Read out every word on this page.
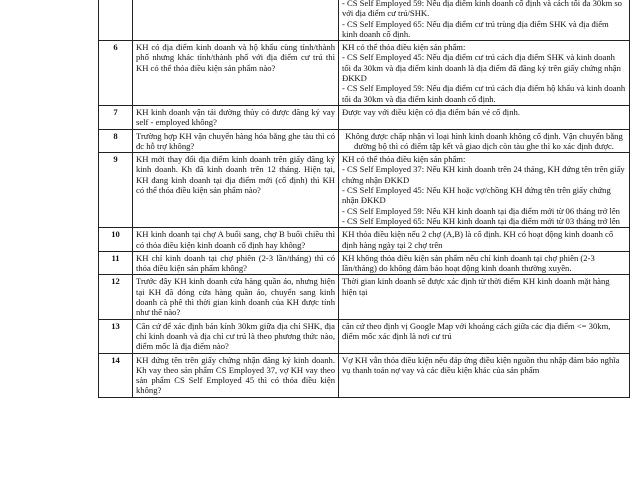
		- CS Self Employed 59: Nếu địa điểm kinh doanh cố định và cách tối đa 30km so với địa điểm cư trú/SHK.
- CS Self Employed 65: Nếu địa điểm cư trú trùng địa điểm SHK và địa điểm kinh doanh cố định.

6	KH có địa điểm kinh doanh và hộ khẩu cùng tỉnh/thành phố nhưng khác tỉnh/thành phố với địa điểm cư trú thì KH có thể thỏa điều kiện sản phẩm nào?	KH có thể thỏa điều kiện sản phẩm:
- CS Self Employed 45: Nếu địa điểm cư trú cách địa điểm SHK và kinh doanh tối đa 30km và địa điểm kinh doanh là địa điểm đã đăng ký trên giấy chứng nhận ĐKKD
- CS Self Employed 59: Nếu địa điểm cư trú cách địa điểm hộ khẩu và kinh doanh tối đa 30km và địa điểm kinh doanh cố định.

7	KH kinh doanh vận tải đường thủy có được đăng ký vay self - employed không?	Được vay với điều kiện có địa điểm bán vé cố định.

8	Trường hợp KH vận chuyển hàng hóa bằng ghe tàu thì có đc hỗ trợ không?	Không được chấp nhận vì loại hình kinh doanh không cố định. Vận chuyển bằng đường bộ thì có điểm tập kết và giao dịch còn tàu ghe thì ko xác định được.

9	KH mới thay đổi địa điểm kinh doanh trên giấy đăng ký kinh doanh. Kh đã kinh doanh trên 12 tháng. Hiện tại, KH đang kinh doanh tại địa điểm mới (cố định) thì KH có thể thỏa điều kiện sản phẩm nào?	KH có thể thỏa điều kiện sản phẩm:
- CS Self Employed 37: Nếu KH kinh doanh trên 24 tháng, KH đứng tên trên giấy chứng nhận ĐKKD
- CS Self Employed 45: Nếu KH hoặc vợ/chồng KH đứng tên trên giấy chứng nhận ĐKKD
- CS Self Employed 59: Nếu KH kinh doanh tại địa điểm mới từ 06 tháng trở lên
- CS Self Employed 65: Nếu KH kinh doanh tại địa điểm mới từ 03 tháng trở lên

10	KH kinh doanh tại chợ A buổi sang, chợ B buổi chiều thì có thỏa điều kiện kinh doanh cố định hay không?	KH thỏa điều kiện nếu 2 chợ (A,B) là cố định. KH có hoạt động kinh doanh cố định hàng ngày tại 2 chợ trên

11	KH chỉ kinh doanh tại chợ phiên (2-3 lần/tháng) thì có thỏa điều kiện sản phẩm không?	KH không thỏa điều kiện sản phẩm nếu chỉ kinh doanh tại chợ phiên (2-3 lần/tháng) do không đảm bảo hoạt động kinh doanh thường xuyên.

12	Trước đây KH kinh doanh cửa hàng quần áo, nhưng hiện tại KH đã đóng cửa hàng quần áo, chuyển sang kinh doanh cà phê thì thời gian kinh doanh của KH được tính như thế nào?	Thời gian kinh doanh sẽ được xác định từ thời điểm KH kinh doanh mặt hàng hiện tại

13	Căn cứ để xác định bán kính 30km giữa địa chỉ SHK, địa chỉ kinh doanh và địa chỉ cư trú là theo phương thức nào, điểm mốc là địa điểm nào?	căn cứ theo định vị Google Map với khoảng cách giữa các địa điểm <= 30km, điểm mốc xác định là nơi cư trú

14	KH đứng tên trên giấy chứng nhận đăng ký kinh doanh. Kh vay theo sản phẩm CS Employed 37, vợ KH vay theo sản phẩm CS Self Employed 45 thì có thỏa điều kiện không?	Vợ KH vẫn thỏa điều kiện nếu đáp ứng điều kiện nguồn thu nhập đảm bảo nghĩa vụ thanh toán nợ vay và các điều kiện khác của sản phẩm
